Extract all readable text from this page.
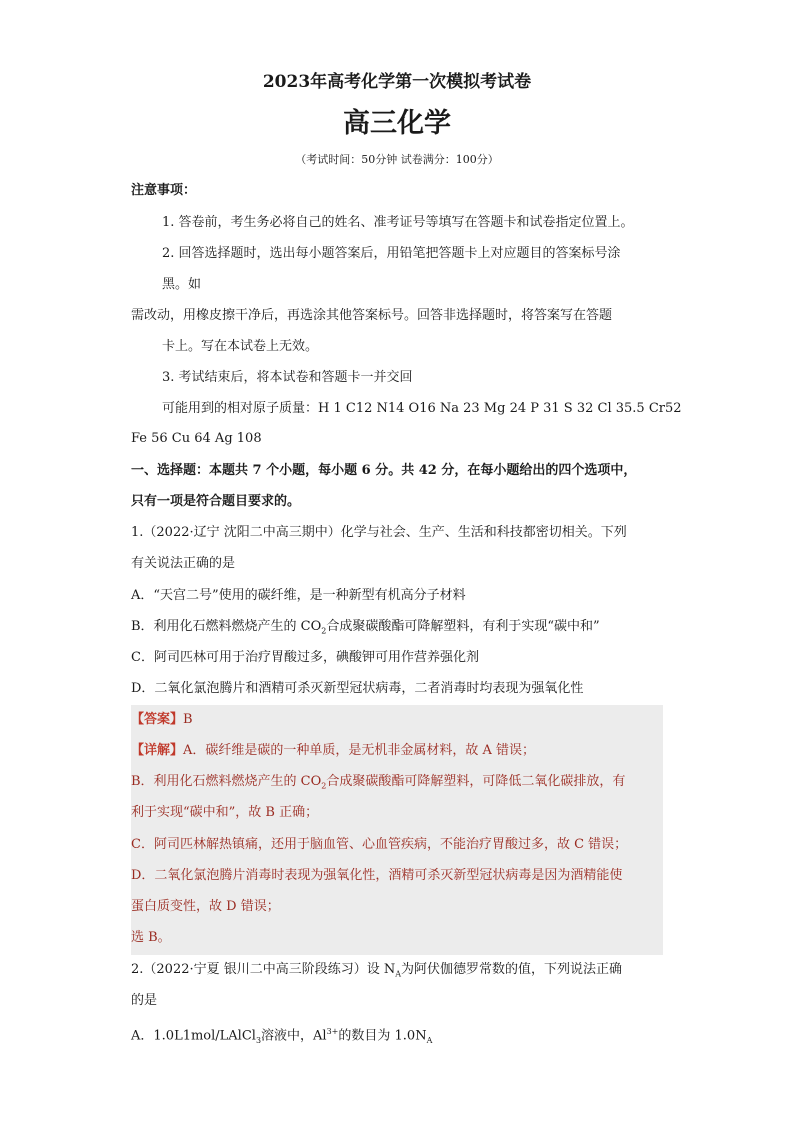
2023年高考化学第一次模拟考试卷
高三化学
（考试时间：50分钟 试卷满分：100分）
注意事项：
1. 答卷前，考生务必将自己的姓名、准考证号等填写在答题卡和试卷指定位置上。
2. 回答选择题时，选出每小题答案后，用铅笔把答题卡上对应题目的答案标号涂
黑。如
需改动，用橡皮擦干净后，再选涂其他答案标号。回答非选择题时，将答案写在答题
卡上。写在本试卷上无效。
3. 考试结束后，将本试卷和答题卡一并交回
可能用到的相对原子质量：H 1 C12 N14 O16 Na 23 Mg 24 P 31 S 32 Cl 35.5 Cr52
Fe 56 Cu 64 Ag 108
一、选择题：本题共 7 个小题，每小题 6 分。共 42 分，在每小题给出的四个选项中，
只有一项是符合题目要求的。
1.（2022·辽宁 沈阳二中高三期中）化学与社会、生产、生活和科技都密切相关。下列
有关说法正确的是
A．“天宫二号”使用的碳纤维，是一种新型有机高分子材料
B．利用化石燃料燃烧产生的 $CO_2$合成聚碳酸酯可降解塑料，有利于实现“碳中和”
C．阿司匹林可用于治疗胃酸过多，碘酸钾可用作营养强化剂
D．二氧化氯泡腾片和酒精可杀灭新型冠状病毒，二者消毒时均表现为强氧化性
【答案】B
【详解】A．碳纤维是碳的一种单质，是无机非金属材料，故 A 错误；
B．利用化石燃料燃烧产生的 $CO_2$合成聚碳酸酯可降解塑料，可降低二氧化碳排放，有
利于实现“碳中和”，故 B 正确；
C．阿司匹林解热镇痛，还用于脑血管、心血管疾病，不能治疗胃酸过多，故 C 错误；
D．二氧化氯泡腾片消毒时表现为强氧化性，酒精可杀灭新型冠状病毒是因为酒精能使
蛋白质变性，故 D 错误；
选 B。
2.（2022·宁夏 银川二中高三阶段练习）设 $N_A$为阿伏伽德罗常数的值，下列说法正确
的是
A．1.0L1mol/LAlCl$_3$溶液中，$Al^{3+}$的数目为 $1.0N_A$
